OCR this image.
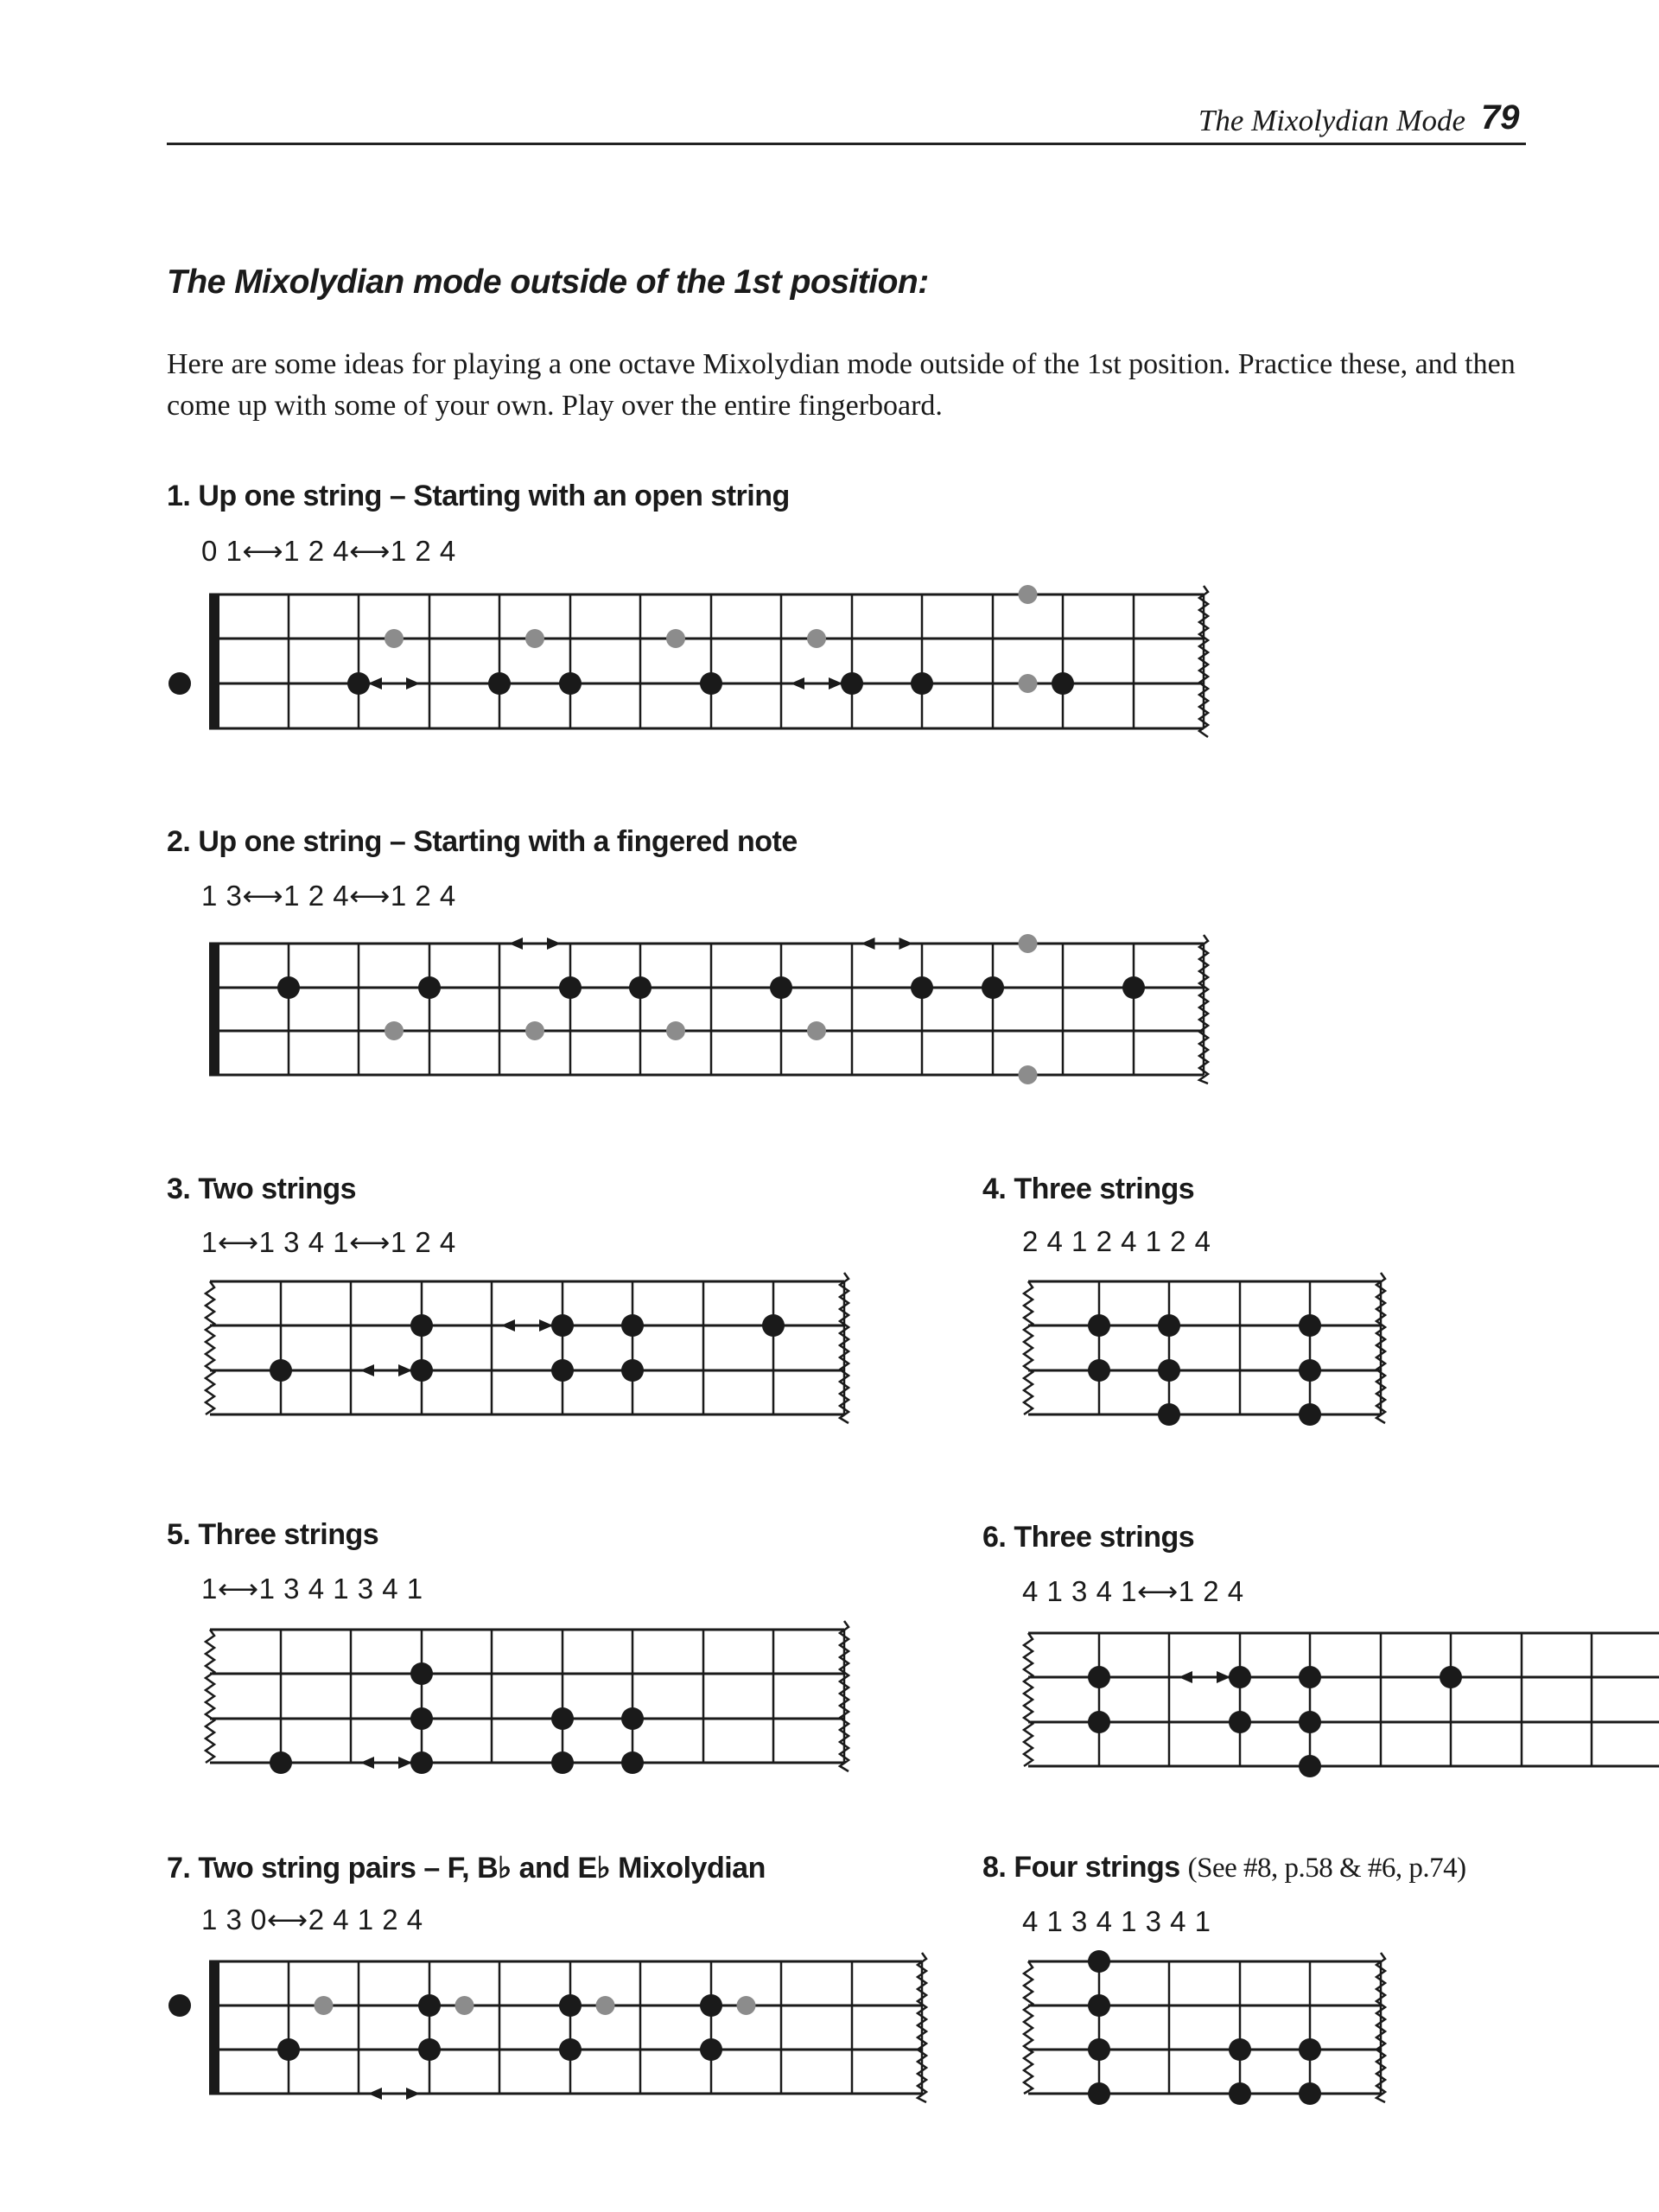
The Mixolydian Mode 79
The Mixolydian mode outside of the 1st position:
Here are some ideas for playing a one octave Mixolydian mode outside of the 1st position. Practice these, and then come up with some of your own. Play over the entire fingerboard.
1. Up one string – Starting with an open string
0 1⟷1 2 4⟷1 2 4
2. Up one string – Starting with a fingered note
1 3⟷1 2 4⟷1 2 4
3. Two strings
1⟷1 3 4 1⟷1 2 4
4. Three strings
2 4 1 2 4 1 2 4
5. Three strings
1⟷1 3 4 1 3 4 1
6. Three strings
4 1 3 4 1⟷1 2 4
7. Two string pairs – F, B♭ and E♭ Mixolydian
1 3 0⟷2 4 1 2 4
8. Four strings (See #8, p.58 & #6, p.74)
4 1 3 4 1 3 4 1
